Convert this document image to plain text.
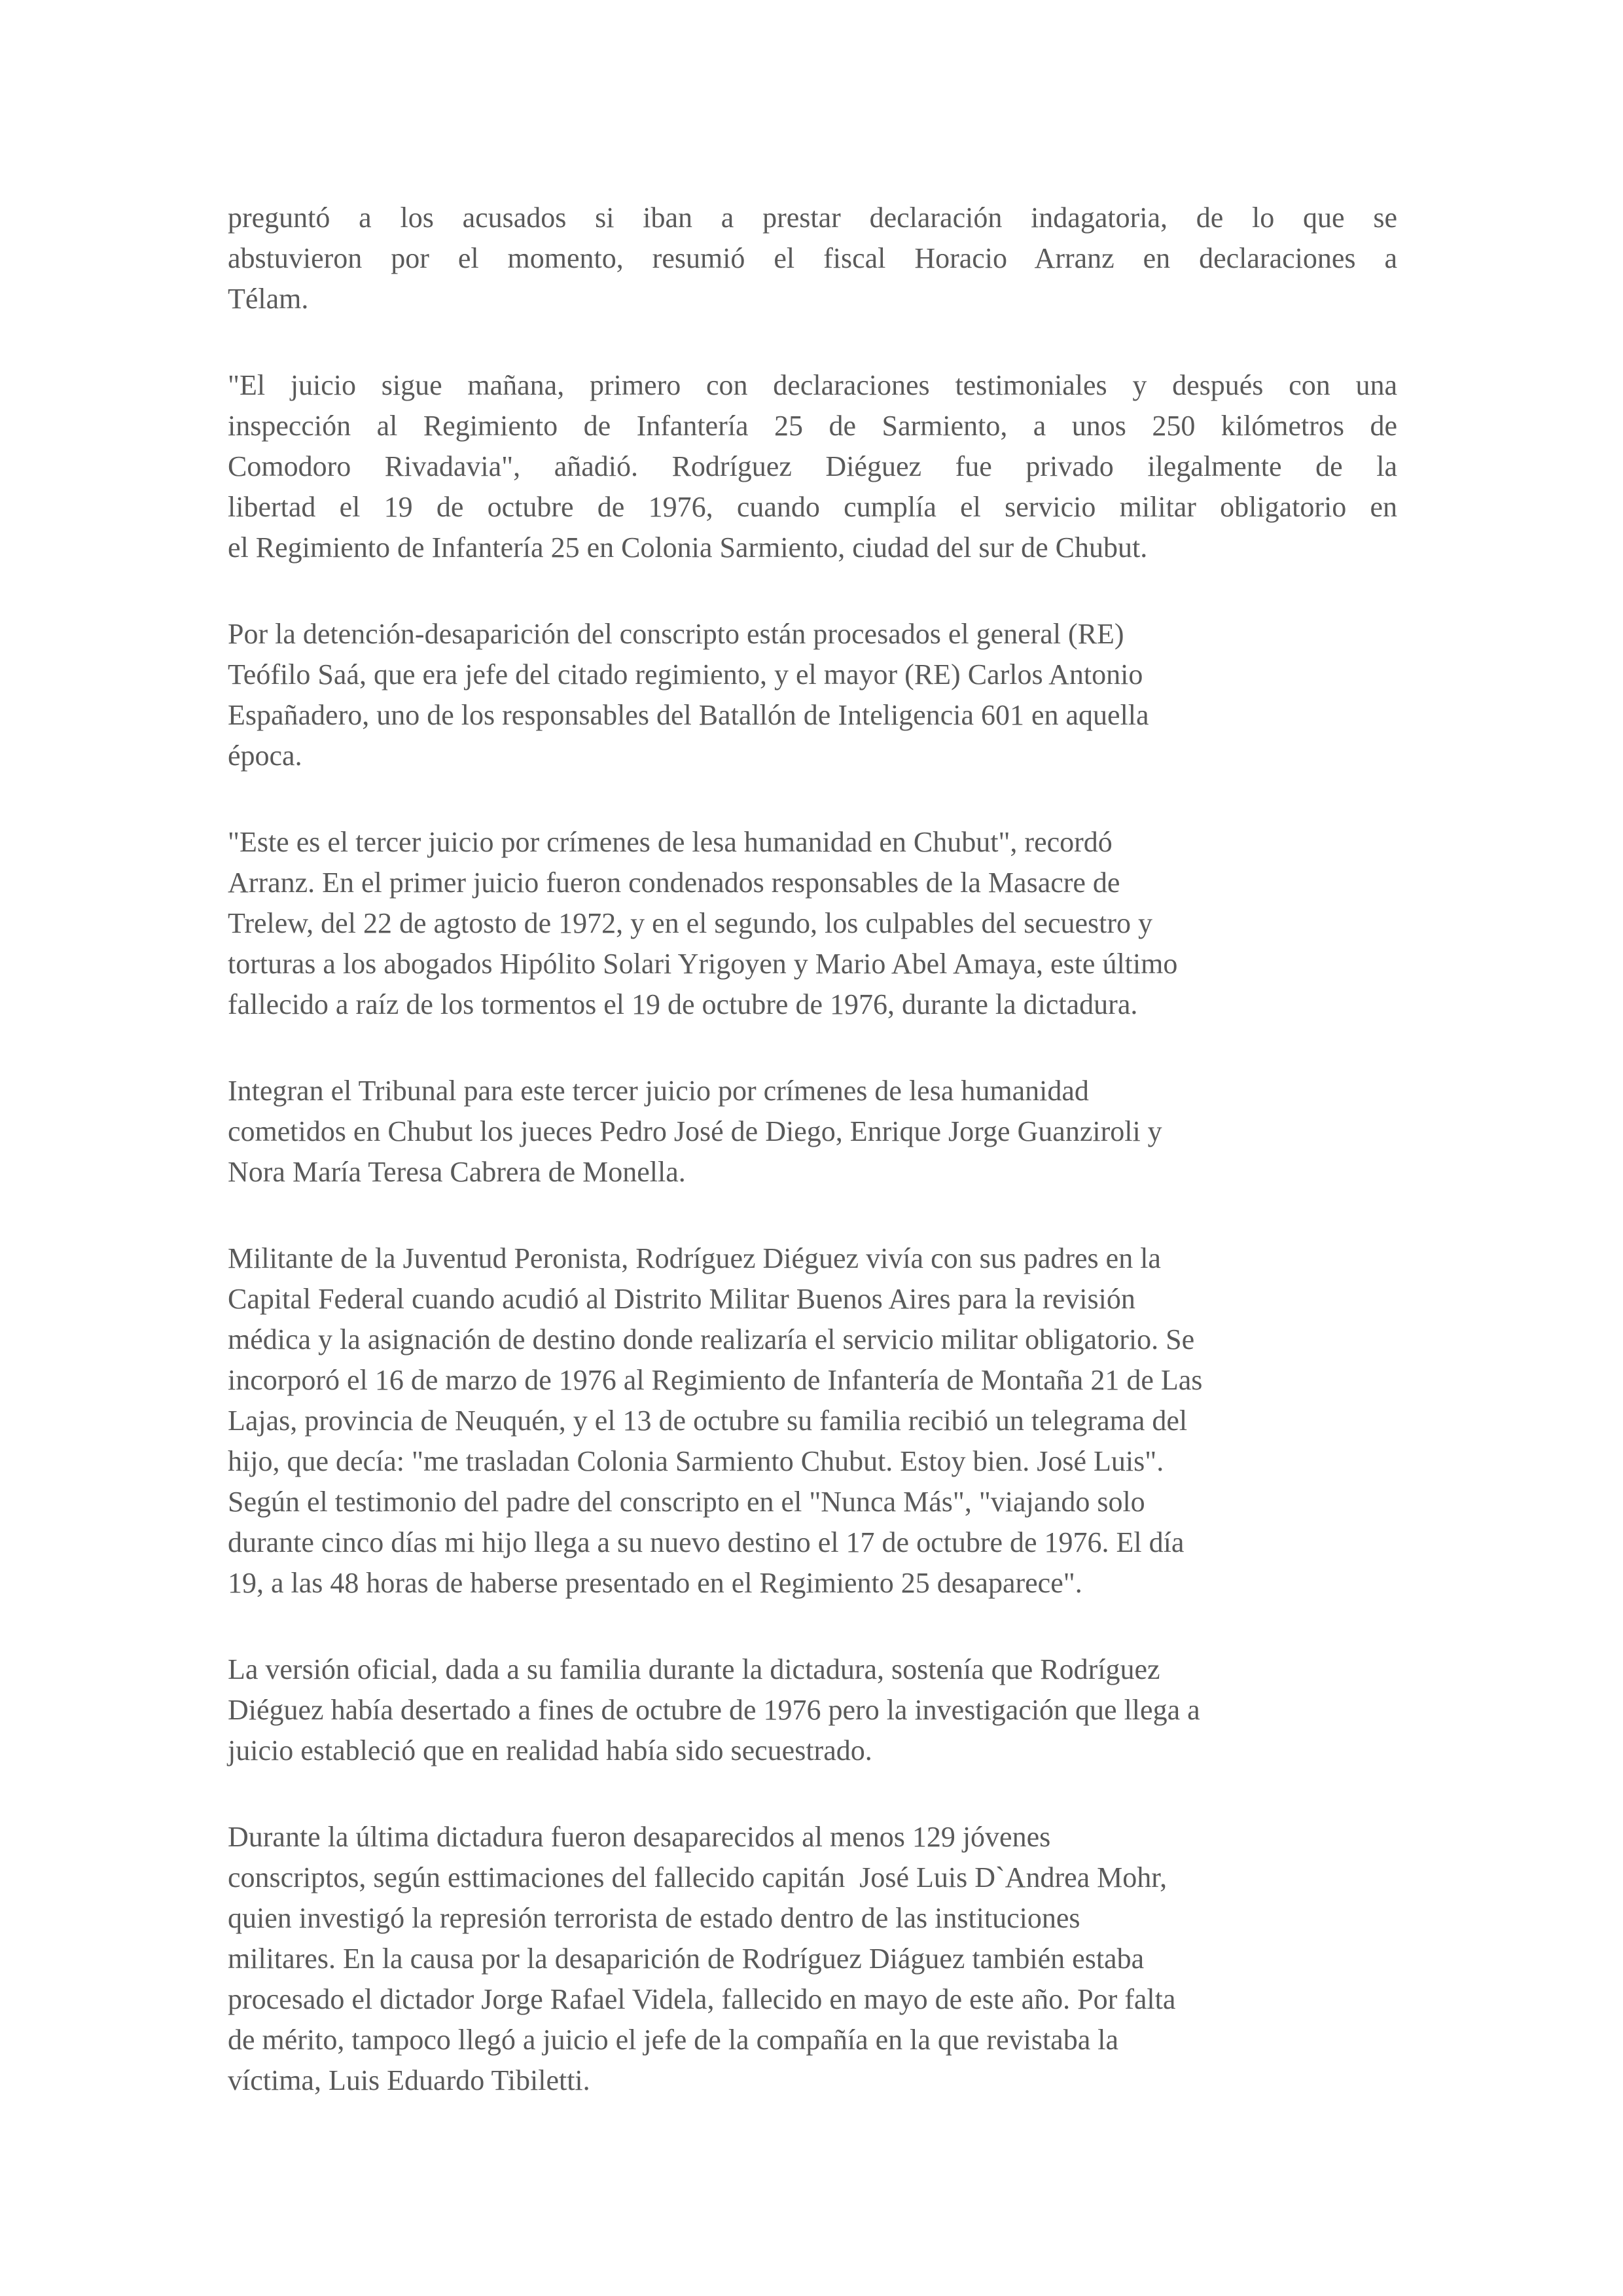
preguntó a los acusados si iban a prestar declaración indagatoria, de lo que se
abstuvieron por el momento, resumió el fiscal Horacio Arranz en declaraciones a
Télam.
"El juicio sigue mañana, primero con declaraciones testimoniales y después con una
inspección al Regimiento de Infantería 25 de Sarmiento, a unos 250 kilómetros de
Comodoro Rivadavia", añadió. Rodríguez Diéguez fue privado ilegalmente de la
libertad el 19 de octubre de 1976, cuando cumplía el servicio militar obligatorio en
el Regimiento de Infantería 25 en Colonia Sarmiento, ciudad del sur de Chubut.
Por la detención-desaparición del conscripto están procesados el general (RE)
Teófilo Saá, que era jefe del citado regimiento, y el mayor (RE) Carlos Antonio
Españadero, uno de los responsables del Batallón de Inteligencia 601 en aquella
época.
"Este es el tercer juicio por crímenes de lesa humanidad en Chubut", recordó
Arranz. En el primer juicio fueron condenados responsables de la Masacre de
Trelew, del 22 de agtosto de 1972, y en el segundo, los culpables del secuestro y
torturas a los abogados Hipólito Solari Yrigoyen y Mario Abel Amaya, este último
fallecido a raíz de los tormentos el 19 de octubre de 1976, durante la dictadura.
Integran el Tribunal para este tercer juicio por crímenes de lesa humanidad
cometidos en Chubut los jueces Pedro José de Diego, Enrique Jorge Guanziroli y
Nora María Teresa Cabrera de Monella.
Militante de la Juventud Peronista, Rodríguez Diéguez vivía con sus padres en la
Capital Federal cuando acudió al Distrito Militar Buenos Aires para la revisión
médica y la asignación de destino donde realizaría el servicio militar obligatorio. Se
incorporó el 16 de marzo de 1976 al Regimiento de Infantería de Montaña 21 de Las
Lajas, provincia de Neuquén, y el 13 de octubre su familia recibió un telegrama del
hijo, que decía: "me trasladan Colonia Sarmiento Chubut. Estoy bien. José Luis".
Según el testimonio del padre del conscripto en el "Nunca Más", "viajando solo
durante cinco días mi hijo llega a su nuevo destino el 17 de octubre de 1976. El día
19, a las 48 horas de haberse presentado en el Regimiento 25 desaparece".
La versión oficial, dada a su familia durante la dictadura, sostenía que Rodríguez
Diéguez había desertado a fines de octubre de 1976 pero la investigación que llega a
juicio estableció que en realidad había sido secuestrado.
Durante la última dictadura fueron desaparecidos al menos 129 jóvenes
conscriptos, según esttimaciones del fallecido capitán  José Luis D`Andrea Mohr,
quien investigó la represión terrorista de estado dentro de las instituciones
militares. En la causa por la desaparición de Rodríguez Diáguez también estaba
procesado el dictador Jorge Rafael Videla, fallecido en mayo de este año. Por falta
de mérito, tampoco llegó a juicio el jefe de la compañía en la que revistaba la
víctima, Luis Eduardo Tibiletti.
